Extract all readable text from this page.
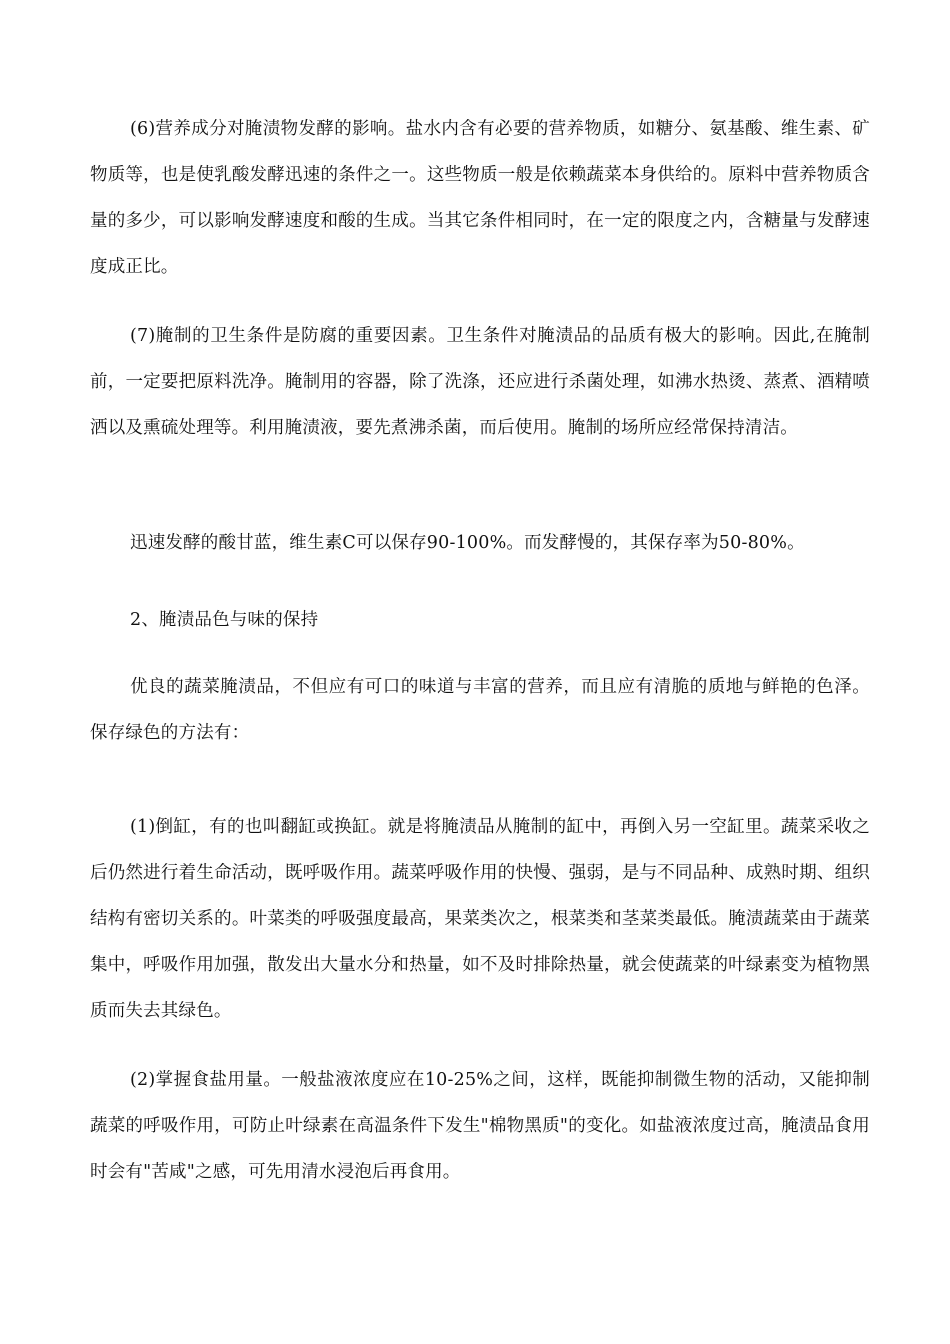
(6)营养成分对腌渍物发酵的影响。盐水内含有必要的营养物质，如糖分、氨基酸、维生素、矿物质等，也是使乳酸发酵迅速的条件之一。这些物质一般是依赖蔬菜本身供给的。原料中营养物质含量的多少，可以影响发酵速度和酸的生成。当其它条件相同时，在一定的限度之内，含糖量与发酵速度成正比。

(7)腌制的卫生条件是防腐的重要因素。卫生条件对腌渍品的品质有极大的影响。因此,在腌制前，一定要把原料洗净。腌制用的容器，除了洗涤，还应进行杀菌处理，如沸水热烫、蒸煮、酒精喷洒以及熏硫处理等。利用腌渍液，要先煮沸杀菌，而后使用。腌制的场所应经常保持清洁。

迅速发酵的酸甘蓝，维生素C可以保存90-100%。而发酵慢的，其保存率为50-80%。

2、腌渍品色与味的保持

优良的蔬菜腌渍品，不但应有可口的味道与丰富的营养，而且应有清脆的质地与鲜艳的色泽。保存绿色的方法有：

(1)倒缸，有的也叫翻缸或换缸。就是将腌渍品从腌制的缸中，再倒入另一空缸里。蔬菜采收之后仍然进行着生命活动，既呼吸作用。蔬菜呼吸作用的快慢、强弱，是与不同品种、成熟时期、组织结构有密切关系的。叶菜类的呼吸强度最高，果菜类次之，根菜类和茎菜类最低。腌渍蔬菜由于蔬菜集中，呼吸作用加强，散发出大量水分和热量，如不及时排除热量，就会使蔬菜的叶绿素变为植物黑质而失去其绿色。

(2)掌握食盐用量。一般盐液浓度应在10-25%之间，这样，既能抑制微生物的活动，又能抑制蔬菜的呼吸作用，可防止叶绿素在高温条件下发生"棉物黑质"的变化。如盐液浓度过高，腌渍品食用时会有"苦咸"之感，可先用清水浸泡后再食用。
